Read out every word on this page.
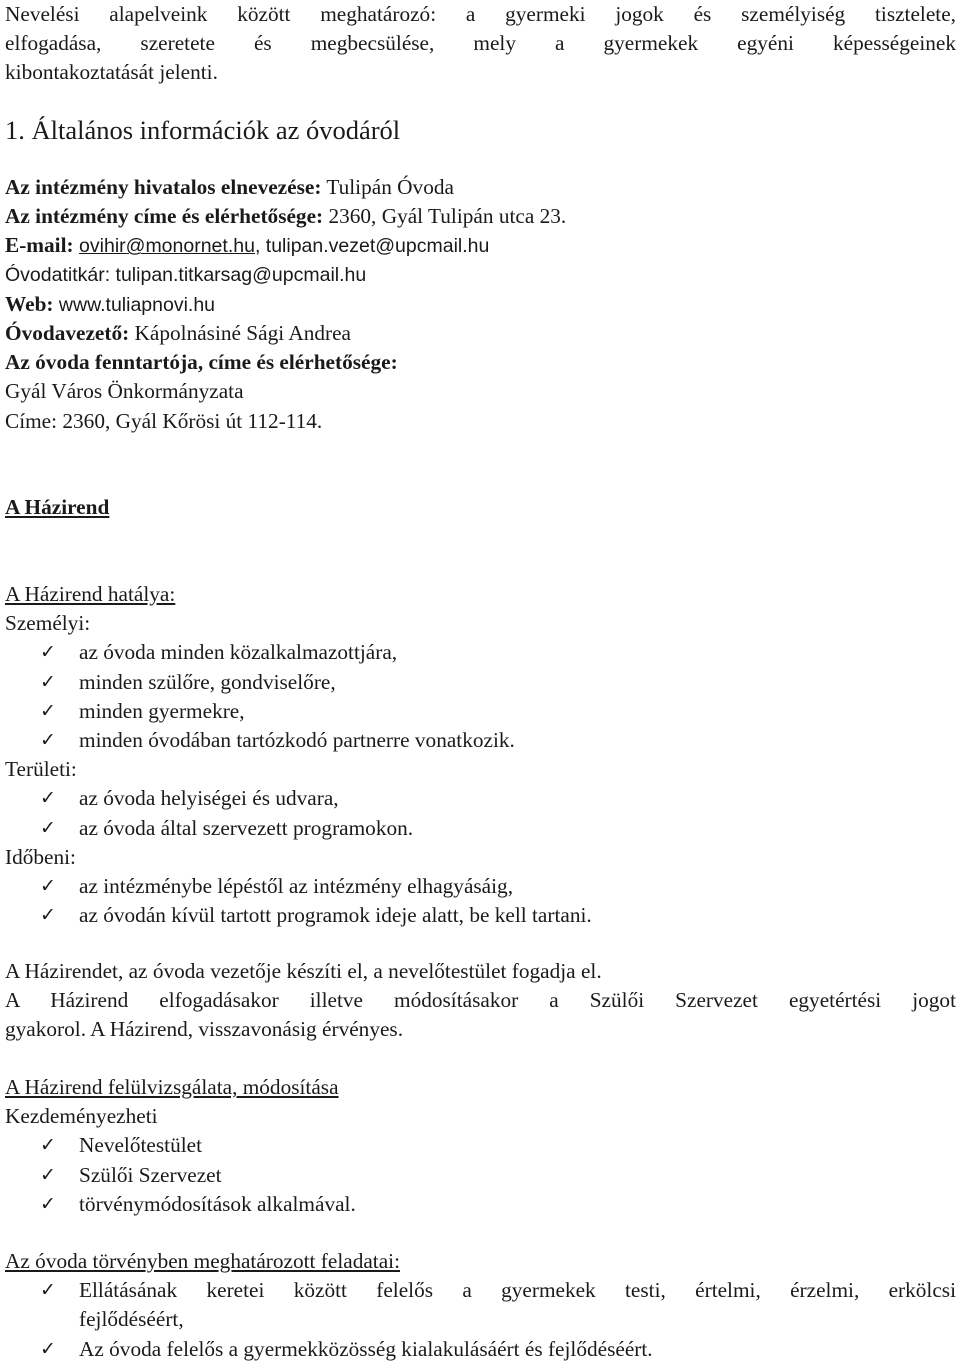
Nevelési alapelveink között meghatározó: a gyermeki jogok és személyiség tisztelete,
elfogadása, szeretete és megbecsülése, mely a gyermekek egyéni képességeinek
kibontakoztatását jelenti.
1. Általános információk az óvodáról
Az intézmény hivatalos elnevezése: Tulipán Óvoda
Az intézmény címe és elérhetősége: 2360, Gyál Tulipán utca 23.
E-mail: ovihir@monornet.hu, tulipan.vezet@upcmail.hu
Óvodatitkár: tulipan.titkarsag@upcmail.hu
Web: www.tuliapnovi.hu
Óvodavezető: Kápolnásiné Sági Andrea
Az óvoda fenntartója, címe és elérhetősége:
Gyál Város Önkormányzata
Címe: 2360, Gyál Kőrösi út 112-114.
A Házirend
A Házirend hatálya:
Személyi:
✓ az óvoda minden közalkalmazottjára,
✓ minden szülőre, gondviselőre,
✓ minden gyermekre,
✓ minden óvodában tartózkodó partnerre vonatkozik.
Területi:
✓ az óvoda helyiségei és udvara,
✓ az óvoda által szervezett programokon.
Időbeni:
✓ az intézménybe lépéstől az intézmény elhagyásáig,
✓ az óvodán kívül tartott programok ideje alatt, be kell tartani.
A Házirendet, az óvoda vezetője készíti el, a nevelőtestület fogadja el.
A Házirend elfogadásakor illetve módosításakor a Szülői Szervezet egyetértési jogot
gyakorol. A Házirend, visszavonásig érvényes.
A Házirend felülvizsgálata, módosítása
Kezdeményezheti
✓ Nevelőtestület
✓ Szülői Szervezet
✓ törvénymódosítások alkalmával.
Az óvoda törvényben meghatározott feladatai:
✓ Ellátásának keretei között felelős a gyermekek testi, értelmi, érzelmi, erkölcsi
fejlődéséért,
✓ Az óvoda felelős a gyermekközösség kialakulásáért és fejlődéséért.
